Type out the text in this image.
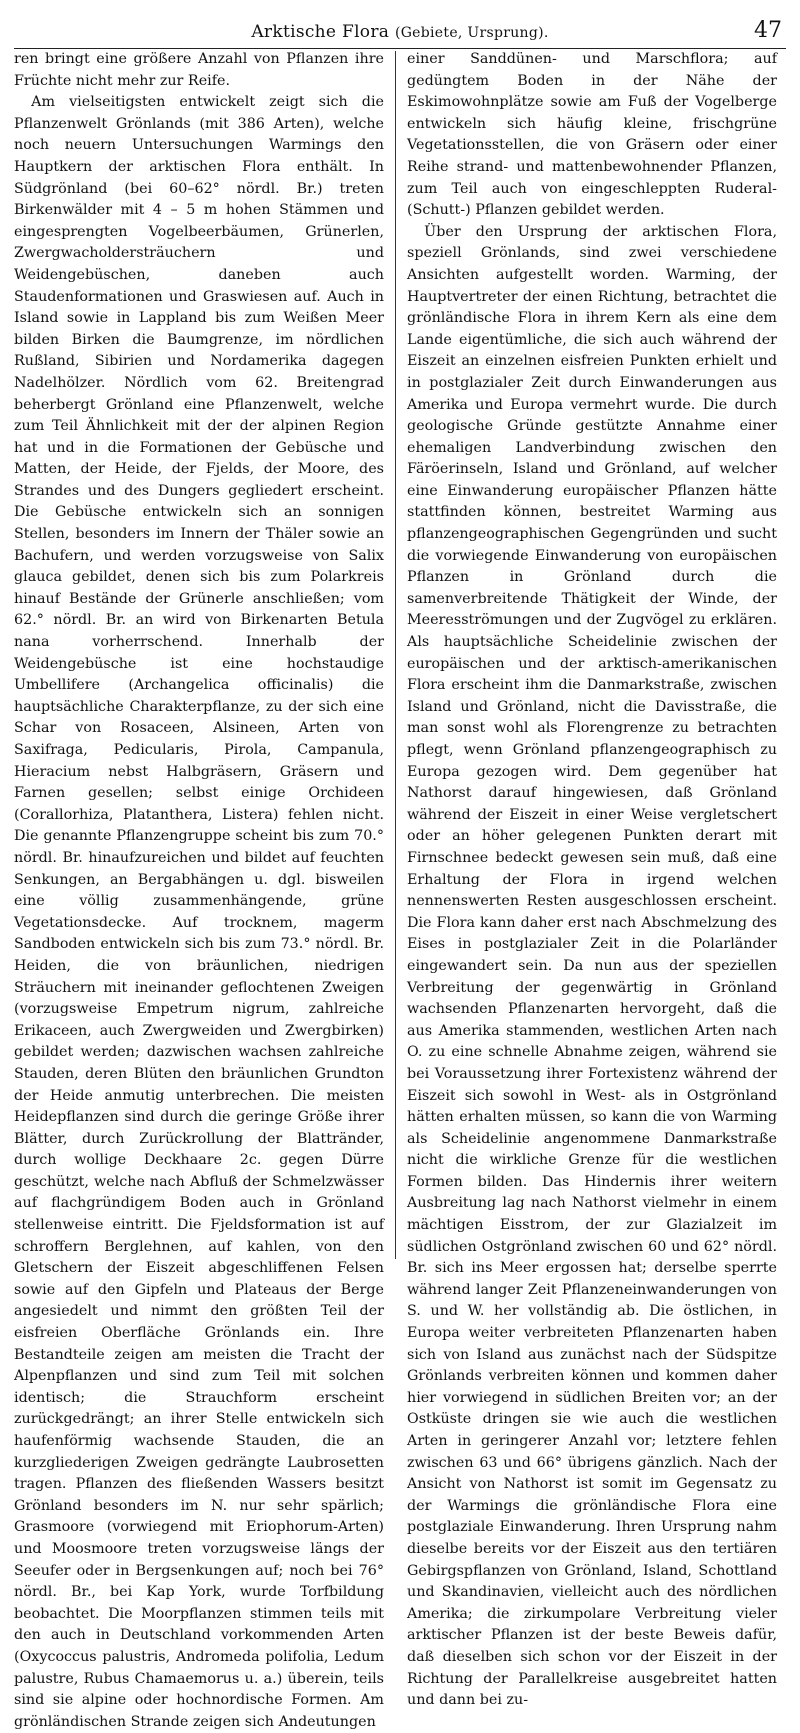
Arktische Flora (Gebiete, Ursprung).	47

ren bringt eine größere Anzahl von Pflanzen ihre Früchte nicht mehr zur Reife.

Am vielseitigsten entwickelt zeigt sich die Pflanzenwelt Grönlands (mit 386 Arten), welche noch neuern Untersuchungen Warmings den Hauptkern der arktischen Flora enthält. In Südgrönland (bei 60–62° nördl. Br.) treten Birkenwälder mit 4 – 5 m hohen Stämmen und eingesprengten Vogelbeerbäumen, Grünerlen, Zwergwacholdersträuchern und Weidengebüschen, daneben auch Staudenformationen und Graswiesen auf. Auch in Island sowie in Lappland bis zum Weißen Meer bilden Birken die Baumgrenze, im nördlichen Rußland, Sibirien und Nordamerika dagegen Nadelhölzer. Nördlich vom 62. Breitengrad beherbergt Grönland eine Pflanzenwelt, welche zum Teil Ähnlichkeit mit der der alpinen Region hat und in die Formationen der Gebüsche und Matten, der Heide, der Fjelds, der Moore, des Strandes und des Dungers gegliedert erscheint. Die Gebüsche entwickeln sich an sonnigen Stellen, besonders im Innern der Thäler sowie an Bachufern, und werden vorzugsweise von Salix glauca gebildet, denen sich bis zum Polarkreis hinauf Bestände der Grünerle anschließen; vom 62.° nördl. Br. an wird von Birkenarten Betula nana vorherrschend. Innerhalb der Weidengebüsche ist eine hochstaudige Umbellifere (Archangelica officinalis) die hauptsächliche Charakterpflanze, zu der sich eine Schar von Rosaceen, Alsineen, Arten von Saxifraga, Pedicularis, Pirola, Campanula, Hieracium nebst Halbgräsern, Gräsern und Farnen gesellen; selbst einige Orchideen (Corallorhiza, Platanthera, Listera) fehlen nicht. Die genannte Pflanzengruppe scheint bis zum 70.° nördl. Br. hinaufzureichen und bildet auf feuchten Senkungen, an Bergabhängen u. dgl. bisweilen eine völlig zusammenhängende, grüne Vegetationsdecke. Auf trocknem, magerm Sandboden entwickeln sich bis zum 73.° nördl. Br. Heiden, die von bräunlichen, niedrigen Sträuchern mit ineinander geflochtenen Zweigen (vorzugsweise Empetrum nigrum, zahlreiche Erikaceen, auch Zwergweiden und Zwergbirken) gebildet werden; dazwischen wachsen zahlreiche Stauden, deren Blüten den bräunlichen Grundton der Heide anmutig unterbrechen. Die meisten Heidepflanzen sind durch die geringe Größe ihrer Blätter, durch Zurückrollung der Blattränder, durch wollige Deckhaare 2c. gegen Dürre geschützt, welche nach Abfluß der Schmelzwässer auf flachgründigem Boden auch in Grönland stellenweise eintritt. Die Fjeldsformation ist auf schroffern Berglehnen, auf kahlen, von den Gletschern der Eiszeit abgeschliffenen Felsen sowie auf den Gipfeln und Plateaus der Berge angesiedelt und nimmt den größten Teil der eisfreien Oberfläche Grönlands ein. Ihre Bestandteile zeigen am meisten die Tracht der Alpenpflanzen und sind zum Teil mit solchen identisch; die Strauchform erscheint zurückgedrängt; an ihrer Stelle entwickeln sich haufenförmig wachsende Stauden, die an kurzgliederigen Zweigen gedrängte Laubrosetten tragen. Pflanzen des fließenden Wassers besitzt Grönland besonders im N. nur sehr spärlich; Grasmoore (vorwiegend mit Eriophorum-Arten) und Moosmoore treten vorzugsweise längs der Seeufer oder in Bergsenkungen auf; noch bei 76° nördl. Br., bei Kap York, wurde Torfbildung beobachtet. Die Moorpflanzen stimmen teils mit den auch in Deutschland vorkommenden Arten (Oxycoccus palustris, Andromeda polifolia, Ledum palustre, Rubus Chamaemorus u. a.) überein, teils sind sie alpine oder hochnordische Formen. Am grönländischen Strande zeigen sich Andeutungen

einer Sanddünen- und Marschflora; auf gedüngtem Boden in der Nähe der Eskimowohnplätze sowie am Fuß der Vogelberge entwickeln sich häufig kleine, frischgrüne Vegetationsstellen, die von Gräsern oder einer Reihe strand- und mattenbewohnender Pflanzen, zum Teil auch von eingeschleppten Ruderal- (Schutt-) Pflanzen gebildet werden.

Über den Ursprung der arktischen Flora, speziell Grönlands, sind zwei verschiedene Ansichten aufgestellt worden. Warming, der Hauptvertreter der einen Richtung, betrachtet die grönländische Flora in ihrem Kern als eine dem Lande eigentümliche, die sich auch während der Eiszeit an einzelnen eisfreien Punkten erhielt und in postglazialer Zeit durch Einwanderungen aus Amerika und Europa vermehrt wurde. Die durch geologische Gründe gestützte Annahme einer ehemaligen Landverbindung zwischen den Färöerinseln, Island und Grönland, auf welcher eine Einwanderung europäischer Pflanzen hätte stattfinden können, bestreitet Warming aus pflanzengeographischen Gegengründen und sucht die vorwiegende Einwanderung von europäischen Pflanzen in Grönland durch die samenverbreitende Thätigkeit der Winde, der Meeresströmungen und der Zugvögel zu erklären. Als hauptsächliche Scheidelinie zwischen der europäischen und der arktisch-amerikanischen Flora erscheint ihm die Danmarkstraße, zwischen Island und Grönland, nicht die Davisstraße, die man sonst wohl als Florengrenze zu betrachten pflegt, wenn Grönland pflanzengeographisch zu Europa gezogen wird. Dem gegenüber hat Nathorst darauf hingewiesen, daß Grönland während der Eiszeit in einer Weise vergletschert oder an höher gelegenen Punkten derart mit Firnschnee bedeckt gewesen sein muß, daß eine Erhaltung der Flora in irgend welchen nennenswerten Resten ausgeschlossen erscheint. Die Flora kann daher erst nach Abschmelzung des Eises in postglazialer Zeit in die Polarländer eingewandert sein. Da nun aus der speziellen Verbreitung der gegenwärtig in Grönland wachsenden Pflanzenarten hervorgeht, daß die aus Amerika stammenden, westlichen Arten nach O. zu eine schnelle Abnahme zeigen, während sie bei Voraussetzung ihrer Fortexistenz während der Eiszeit sich sowohl in West- als in Ostgrönland hätten erhalten müssen, so kann die von Warming als Scheidelinie angenommene Danmarkstraße nicht die wirkliche Grenze für die westlichen Formen bilden. Das Hindernis ihrer weitern Ausbreitung lag nach Nathorst vielmehr in einem mächtigen Eisstrom, der zur Glazialzeit im südlichen Ostgrönland zwischen 60 und 62° nördl. Br. sich ins Meer ergossen hat; derselbe sperrte während langer Zeit Pflanzeneinwanderungen von S. und W. her vollständig ab. Die östlichen, in Europa weiter verbreiteten Pflanzenarten haben sich von Island aus zunächst nach der Südspitze Grönlands verbreiten können und kommen daher hier vorwiegend in südlichen Breiten vor; an der Ostküste dringen sie wie auch die westlichen Arten in geringerer Anzahl vor; letztere fehlen zwischen 63 und 66° übrigens gänzlich. Nach der Ansicht von Nathorst ist somit im Gegensatz zu der Warmings die grönländische Flora eine postglaziale Einwanderung. Ihren Ursprung nahm dieselbe bereits vor der Eiszeit aus den tertiären Gebirgspflanzen von Grönland, Island, Schottland und Skandinavien, vielleicht auch des nördlichen Amerika; die zirkumpolare Verbreitung vieler arktischer Pflanzen ist der beste Beweis dafür, daß dieselben sich schon vor der Eiszeit in der Richtung der Parallelkreise ausgebreitet hatten und dann bei zu-
